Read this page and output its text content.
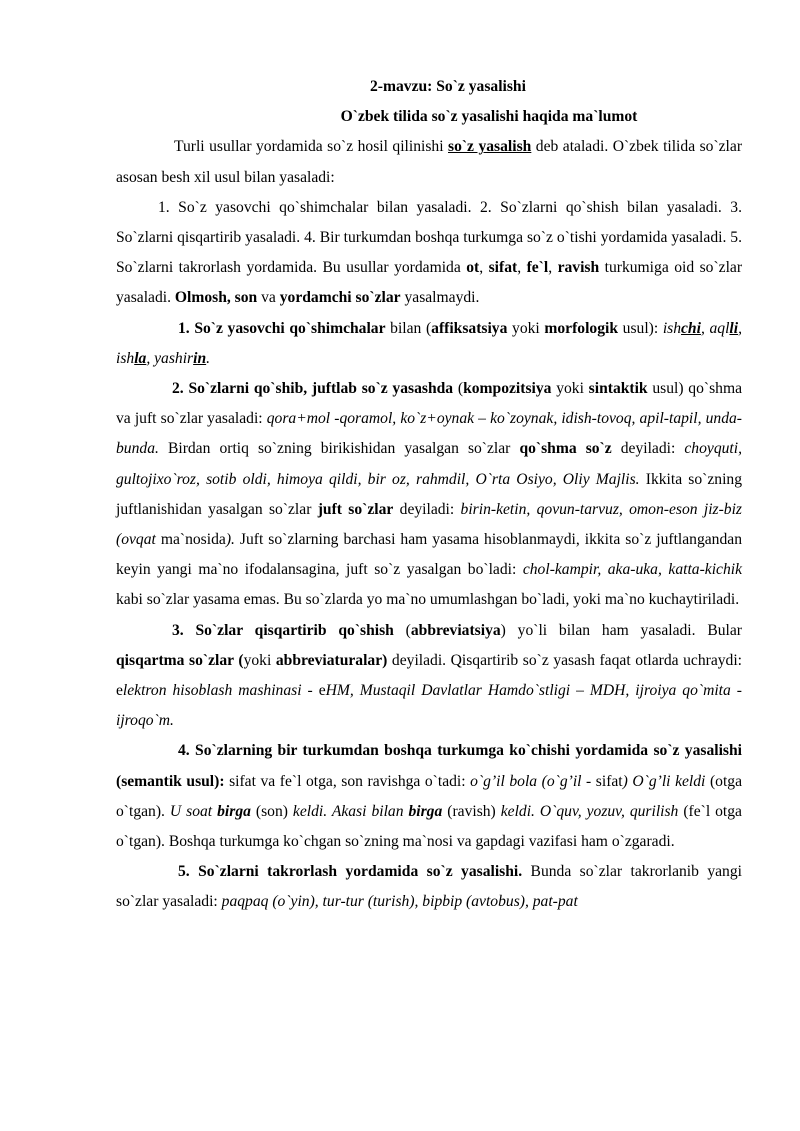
2-mavzu: So`z yasalishi
O`zbek tilida so`z yasalishi haqida ma`lumot

Turli usullar yordamida so`z hosil qilinishi so`z yasalish deb ataladi. O`zbek tilida so`zlar asosan besh xil usul bilan yasaladi:

1. So`z yasovchi qo`shimchalar bilan yasaladi. 2. So`zlarni qo`shish bilan yasaladi. 3. So`zlarni qisqartirib yasaladi. 4. Bir turkumdan boshqa turkumga so`z o`tishi yordamida yasaladi. 5. So`zlarni takrorlash yordamida. Bu usullar yordamida ot, sifat, fe`l, ravish turkumiga oid so`zlar yasaladi. Olmosh, son va yordamchi so`zlar yasalmaydi.

1. So`z yasovchi qo`shimchalar bilan (affiksatsiya yoki morfologik usul): ishchi, aqlli, ishla, yashirin.

2. So`zlarni qo`shib, juftlab so`z yasashda (kompozitsiya yoki sintaktik usul) qo`shma va juft so`zlar yasaladi: qora+mol -qoramol, ko`z+oynak – ko`zoynak, idish-tovoq, apil-tapil, unda-bunda. Birdan ortiq so`zning birikishidan yasalgan so`zlar qo`shma so`z deyiladi: choyquti, gultojixo`roz, sotib oldi, himoya qildi, bir oz, rahmdil, O`rta Osiyo, Oliy Majlis. Ikkita so`zning juftlanishidan yasalgan so`zlar juft so`zlar deyiladi: birin-ketin, qovun-tarvuz, omon-eson jiz-biz (ovqat ma`nosida). Juft so`zlarning barchasi ham yasama hisoblanmaydi, ikkita so`z juftlangandan keyin yangi ma`no ifodalansagina, juft so`z yasalgan bo`ladi: chol-kampir, aka-uka, katta-kichik kabi so`zlar yasama emas. Bu so`zlarda yo ma`no umumlashgan bo`ladi, yoki ma`no kuchaytiriladi.

3. So`zlar qisqartirib qo`shish (abbreviatsiya) yo`li bilan ham yasaladi. Bular qisqartma so`zlar (yoki abbreviaturalar) deyiladi. Qisqartirib so`z yasash faqat otlarda uchraydi: elektron hisoblash mashinasi - eHM, Mustaqil Davlatlar Hamdo`stligi – MDH, ijroiya qo`mita - ijroqo`m.

4. So`zlarning bir turkumdan boshqa turkumga ko`chishi yordamida so`z yasalishi (semantik usul): sifat va fe`l otga, son ravishga o`tadi: o`g’il bola (o`g’il - sifat) O`g’li keldi (otga o`tgan). U soat birga (son) keldi. Akasi bilan birga (ravish) keldi. O`quv, yozuv, qurilish (fe`l otga o`tgan). Boshqa turkumga ko`chgan so`zning ma`nosi va gapdagi vazifasi ham o`zgaradi.

5. So`zlarni takrorlash yordamida so`z yasalishi. Bunda so`zlar takrorlanib yangi so`zlar yasaladi: paqpaq (o`yin), tur-tur (turish), bipbip (avtobus), pat-pat
